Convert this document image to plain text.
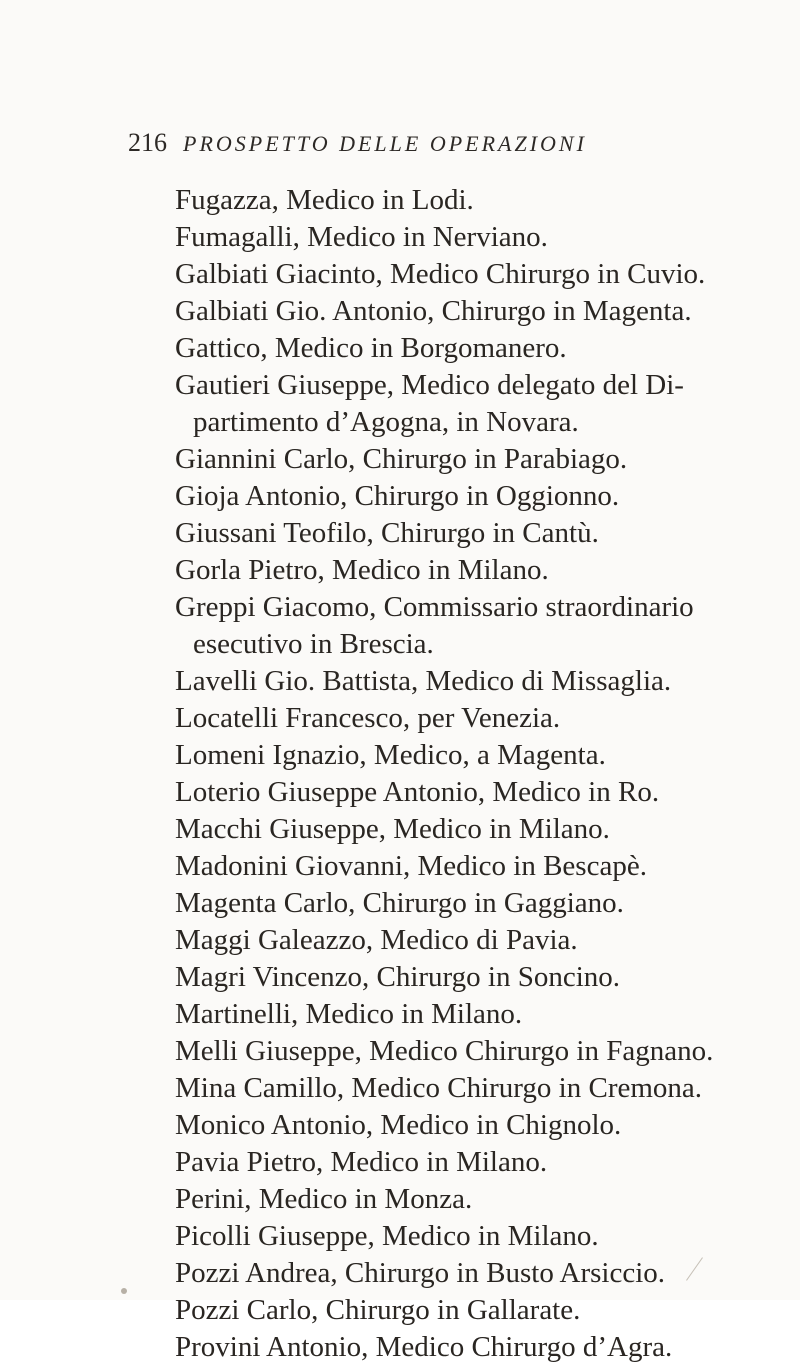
216 PROSPETTO DELLE OPERAZIONI
Fugazza, Medico in Lodi.
Fumagalli, Medico in Nerviano.
Galbiati Giacinto, Medico Chirurgo in Cuvio.
Galbiati Gio. Antonio, Chirurgo in Magenta.
Gattico, Medico in Borgomanero.
Gautieri Giuseppe, Medico delegato del Di-
partimento d’Agogna, in Novara.
Giannini Carlo, Chirurgo in Parabiago.
Gioja Antonio, Chirurgo in Oggionno.
Giussani Teofilo, Chirurgo in Cantù.
Gorla Pietro, Medico in Milano.
Greppi Giacomo, Commissario straordinario
esecutivo in Brescia.
Lavelli Gio. Battista, Medico di Missaglia.
Locatelli Francesco, per Venezia.
Lomeni Ignazio, Medico, a Magenta.
Loterio Giuseppe Antonio, Medico in Ro.
Macchi Giuseppe, Medico in Milano.
Madonini Giovanni, Medico in Bescapè.
Magenta Carlo, Chirurgo in Gaggiano.
Maggi Galeazzo, Medico di Pavia.
Magri Vincenzo, Chirurgo in Soncino.
Martinelli, Medico in Milano.
Melli Giuseppe, Medico Chirurgo in Fagnano.
Mina Camillo, Medico Chirurgo in Cremona.
Monico Antonio, Medico in Chignolo.
Pavia Pietro, Medico in Milano.
Perini, Medico in Monza.
Picolli Giuseppe, Medico in Milano.
Pozzi Andrea, Chirurgo in Busto Arsiccio.
Pozzi Carlo, Chirurgo in Gallarate.
Provini Antonio, Medico Chirurgo d’Agra.
